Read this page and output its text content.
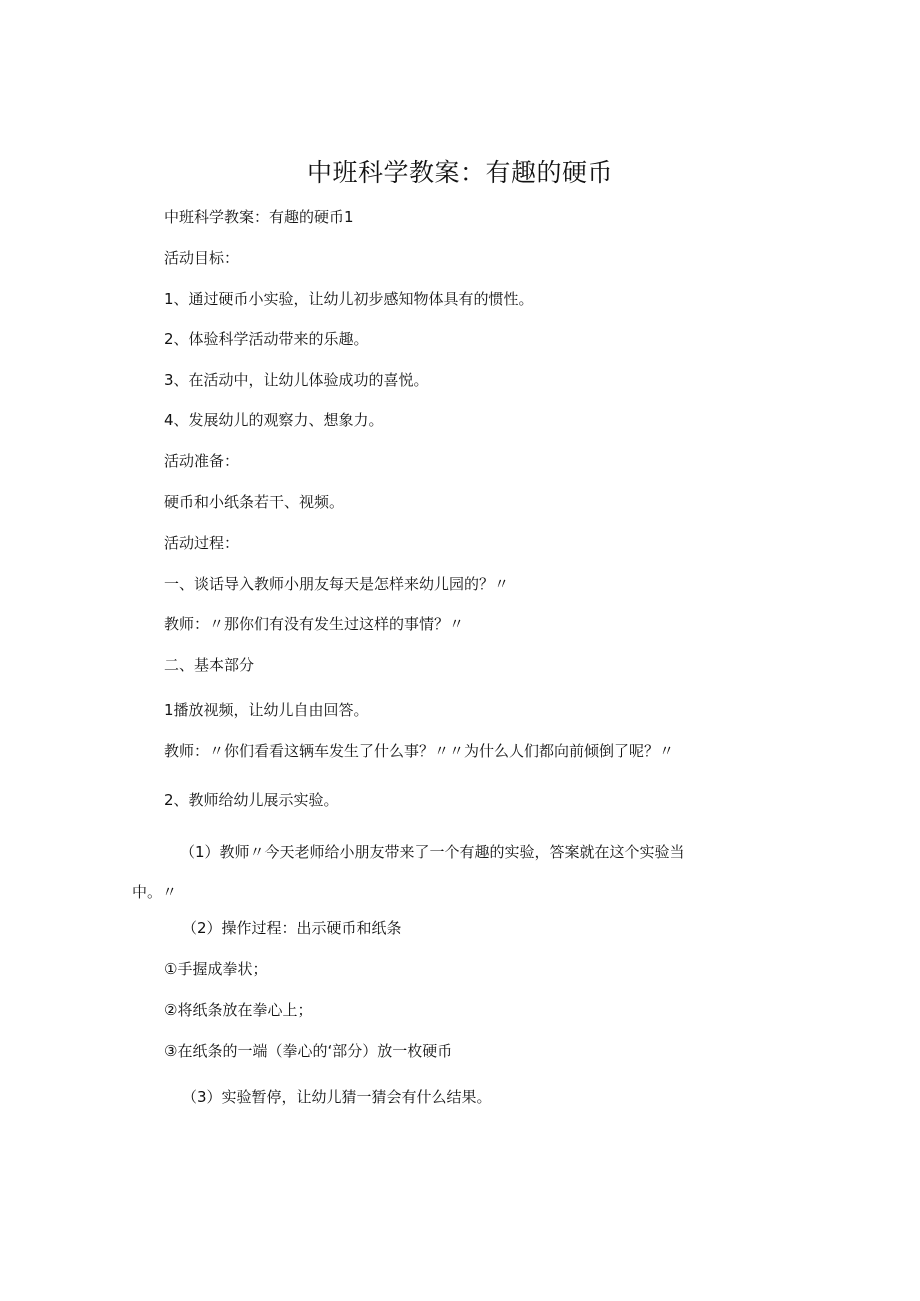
中班科学教案：有趣的硬币
中班科学教案：有趣的硬币1
活动目标：
1、通过硬币小实验，让幼儿初步感知物体具有的惯性。
2、体验科学活动带来的乐趣。
3、在活动中，让幼儿体验成功的喜悦。
4、发展幼儿的观察力、想象力。
活动准备：
硬币和小纸条若干、视频。
活动过程：
一、谈话导入教师小朋友每天是怎样来幼儿园的？〃
教师：〃那你们有没有发生过这样的事情？〃
二、基本部分
1播放视频，让幼儿自由回答。
教师：〃你们看看这辆车发生了什么事？〃〃为什么人们都向前倾倒了呢？〃
2、教师给幼儿展示实验。
（1）教师〃今天老师给小朋友带来了一个有趣的实验，答案就在这个实验当
中。〃
（2）操作过程：出示硬币和纸条
①手握成拳状；
②将纸条放在拳心上；
③在纸条的一端（拳心的‘部分）放一枚硬币
（3）实验暂停，让幼儿猜一猜会有什么结果。
